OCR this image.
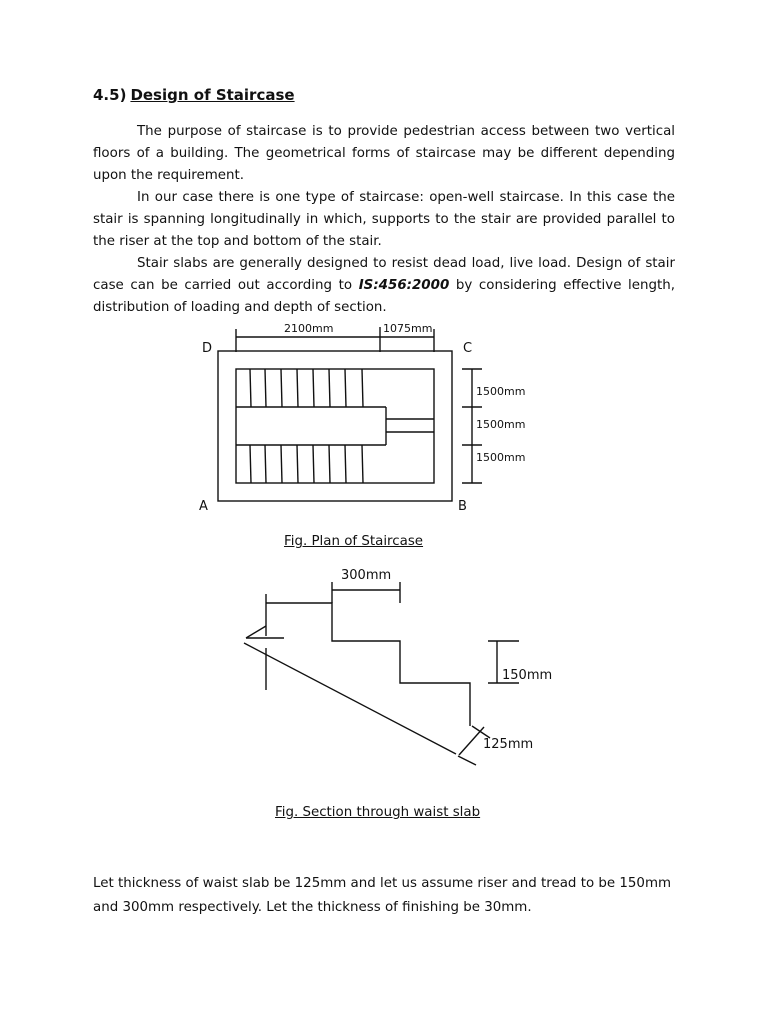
4.5) Design of Staircase
The purpose of staircase is to provide pedestrian access between two vertical floors of a building. The geometrical forms of staircase may be different depending upon the requirement.
In our case there is one type of staircase: open-well staircase. In this case the stair is spanning longitudinally in which, supports to the stair are provided parallel to the riser at the top and bottom of the stair.
Stair slabs are generally designed to resist dead load, live load. Design of stair case can be carried out according to IS:456:2000 by considering effective length, distribution of loading and depth of section.
2100mm	1075mm
D	C
A	B
1500mm
1500mm
1500mm
Fig. Plan of Staircase
300mm
150mm
125mm
Fig. Section through waist slab
Let thickness of waist slab be 125mm and let us assume riser and tread to be 150mm and 300mm respectively. Let the thickness of finishing be 30mm.
